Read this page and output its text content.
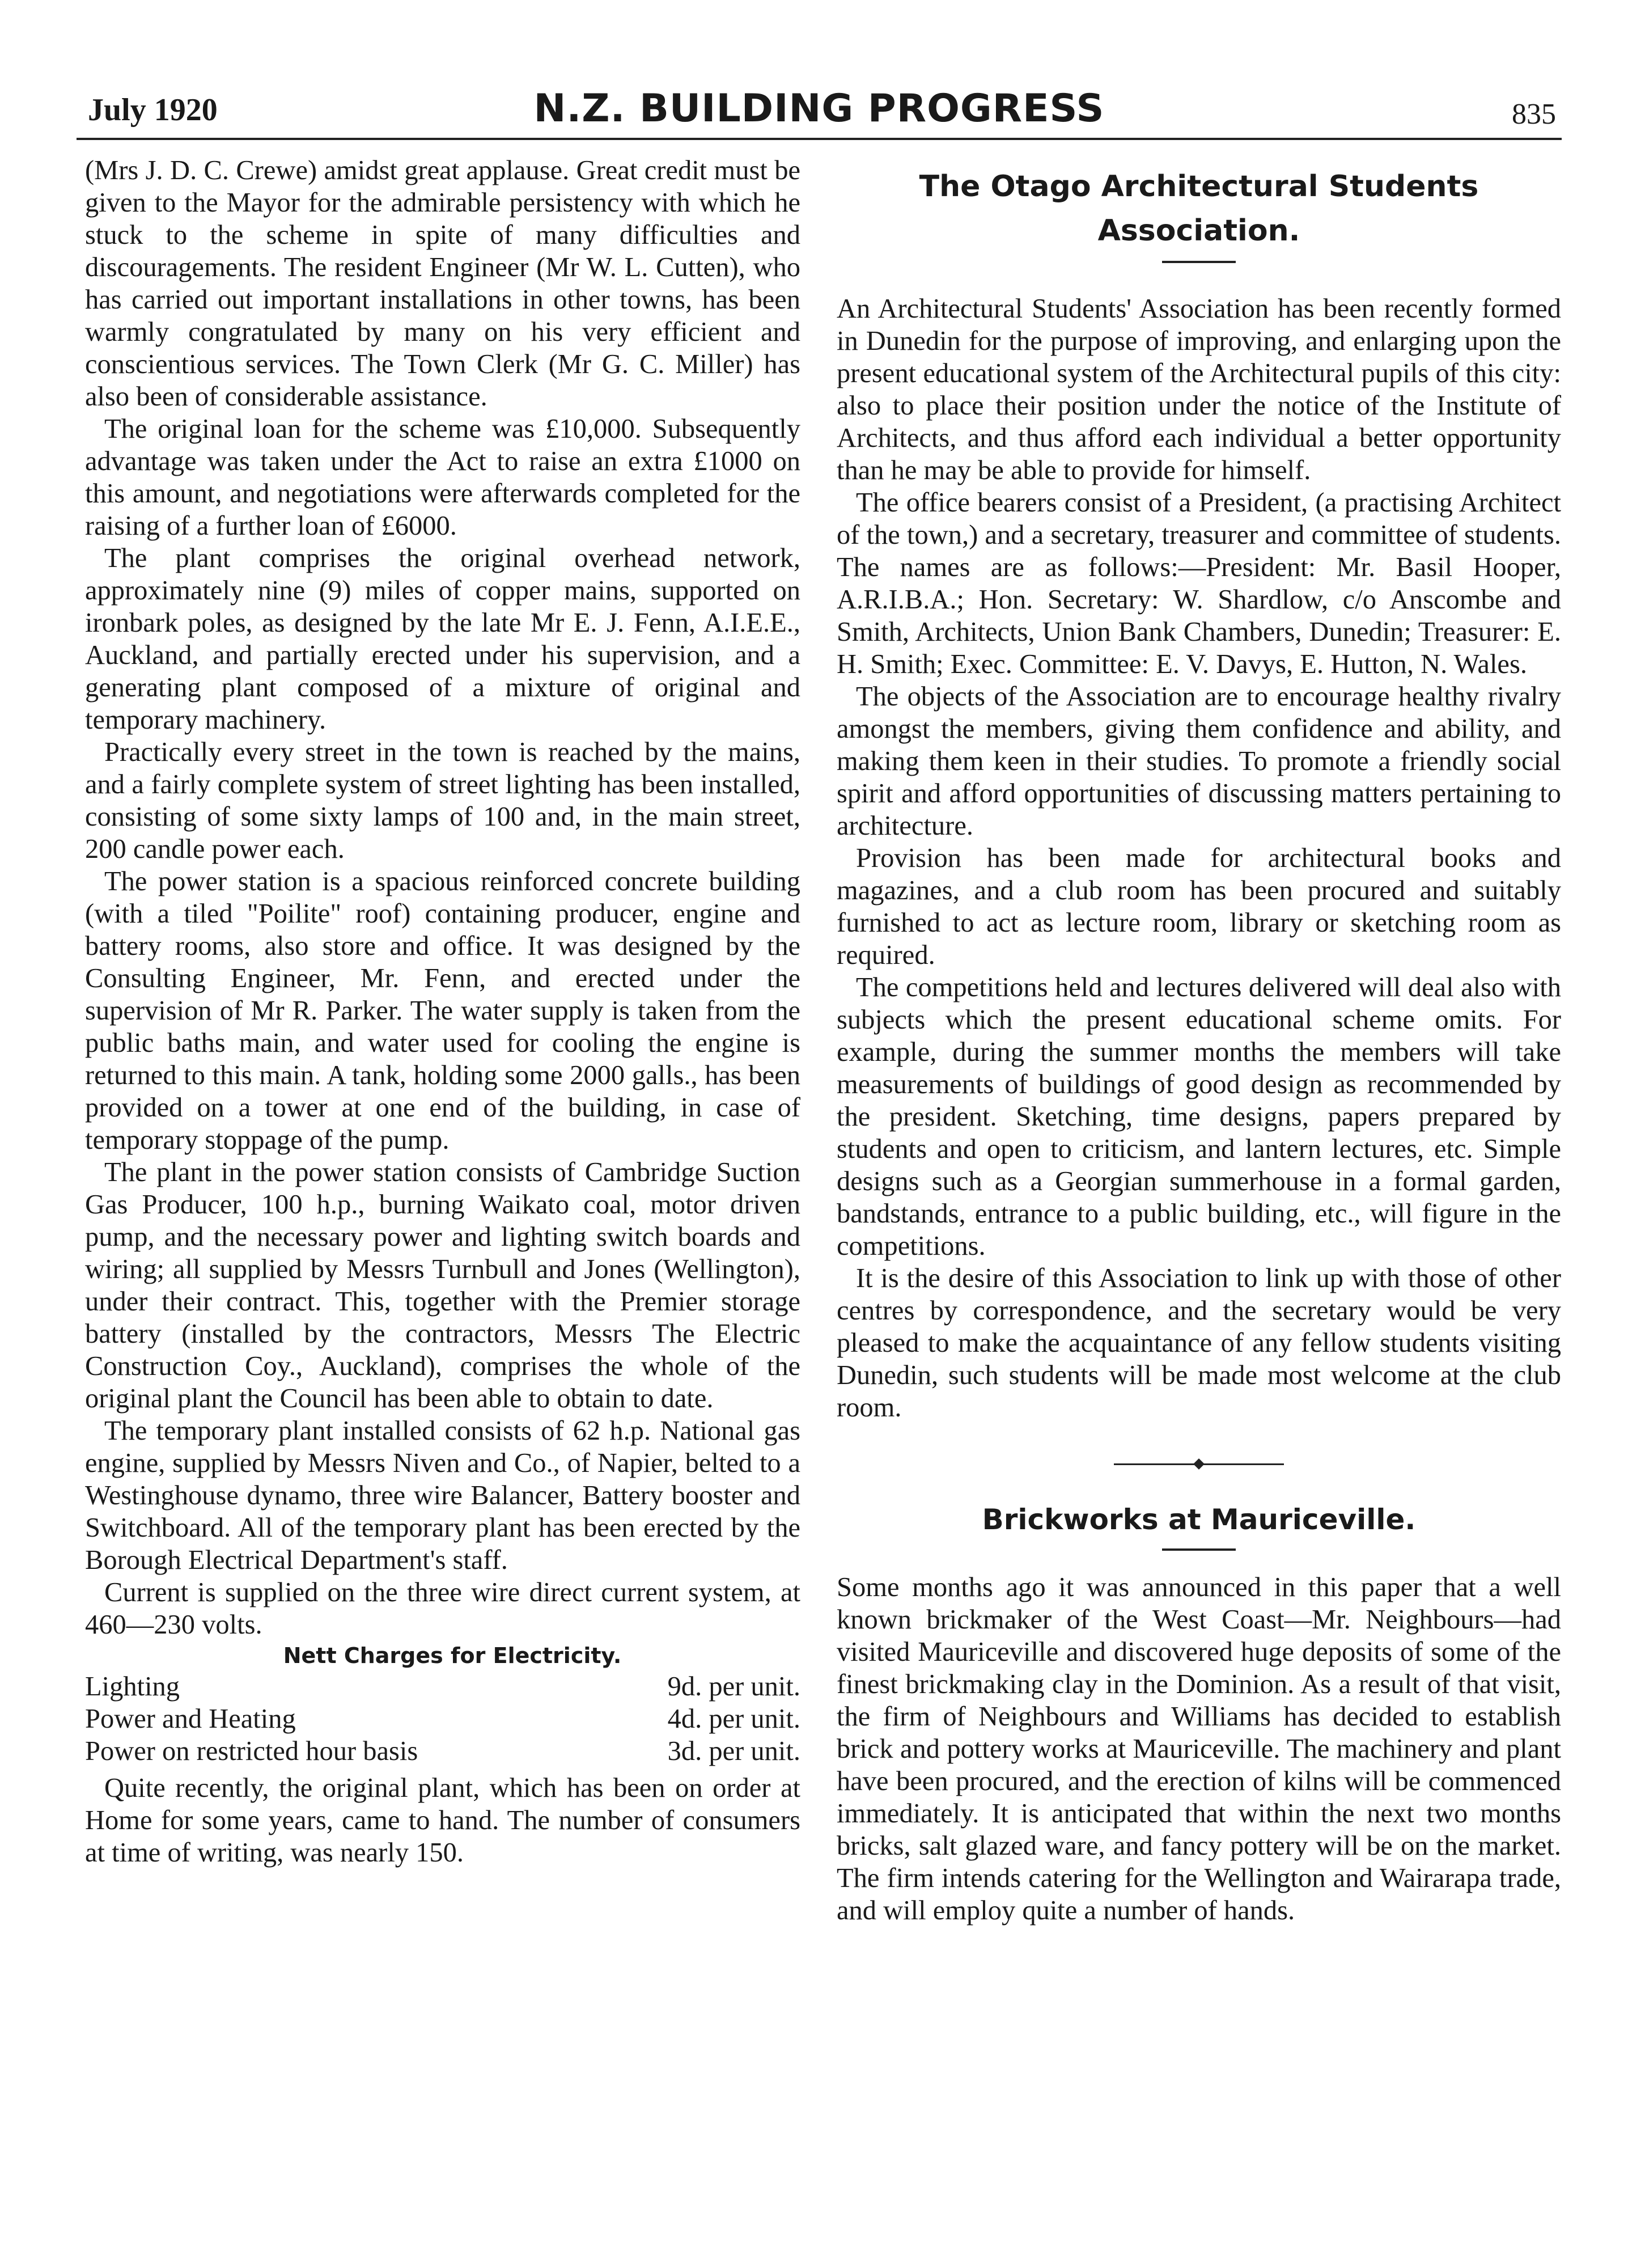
July 1920	N.Z. BUILDING PROGRESS	835

(Mrs J. D. C. Crewe) amidst great applause. Great credit must be given to the Mayor for the admirable persistency with which he stuck to the scheme in spite of many difficulties and discouragements. The resident Engineer (Mr W. L. Cutten), who has carried out important installations in other towns, has been warmly congratulated by many on his very efficient and conscientious services. The Town Clerk (Mr G. C. Miller) has also been of considerable assistance.

The original loan for the scheme was £10,000. Subsequently advantage was taken under the Act to raise an extra £1000 on this amount, and negotiations were afterwards completed for the raising of a further loan of £6000.

The plant comprises the original overhead network, approximately nine (9) miles of copper mains, supported on ironbark poles, as designed by the late Mr E. J. Fenn, A.I.E.E., Auckland, and partially erected under his supervision, and a generating plant composed of a mixture of original and temporary machinery.

Practically every street in the town is reached by the mains, and a fairly complete system of street lighting has been installed, consisting of some sixty lamps of 100 and, in the main street, 200 candle power each.

The power station is a spacious reinforced concrete building (with a tiled "Poilite" roof) containing producer, engine and battery rooms, also store and office. It was designed by the Consulting Engineer, Mr. Fenn, and erected under the supervision of Mr R. Parker. The water supply is taken from the public baths main, and water used for cooling the engine is returned to this main. A tank, holding some 2000 galls., has been provided on a tower at one end of the building, in case of temporary stoppage of the pump.

The plant in the power station consists of Cambridge Suction Gas Producer, 100 h.p., burning Waikato coal, motor driven pump, and the necessary power and lighting switch boards and wiring; all supplied by Messrs Turnbull and Jones (Wellington), under their contract. This, together with the Premier storage battery (installed by the contractors, Messrs The Electric Construction Coy., Auckland), comprises the whole of the original plant the Council has been able to obtain to date.

The temporary plant installed consists of 62 h.p. National gas engine, supplied by Messrs Niven and Co., of Napier, belted to a Westinghouse dynamo, three wire Balancer, Battery booster and Switchboard. All of the temporary plant has been erected by the Borough Electrical Department's staff.

Current is supplied on the three wire direct current system, at 460—230 volts.

Nett Charges for Electricity.

Lighting	9d. per unit.
Power and Heating	4d. per unit.
Power on restricted hour basis	3d. per unit.

Quite recently, the original plant, which has been on order at Home for some years, came to hand. The number of consumers at time of writing, was nearly 150.

The Otago Architectural Students Association.

An Architectural Students' Association has been recently formed in Dunedin for the purpose of improving, and enlarging upon the present educational system of the Architectural pupils of this city: also to place their position under the notice of the Institute of Architects, and thus afford each individual a better opportunity than he may be able to provide for himself.

The office bearers consist of a President, (a practising Architect of the town,) and a secretary, treasurer and committee of students. The names are as follows:—President: Mr. Basil Hooper, A.R.I.B.A.; Hon. Secretary: W. Shardlow, c/o Anscombe and Smith, Architects, Union Bank Chambers, Dunedin; Treasurer: E. H. Smith; Exec. Committee: E. V. Davys, E. Hutton, N. Wales.

The objects of the Association are to encourage healthy rivalry amongst the members, giving them confidence and ability, and making them keen in their studies. To promote a friendly social spirit and afford opportunities of discussing matters pertaining to architecture.

Provision has been made for architectural books and magazines, and a club room has been procured and suitably furnished to act as lecture room, library or sketching room as required.

The competitions held and lectures delivered will deal also with subjects which the present educational scheme omits. For example, during the summer months the members will take measurements of buildings of good design as recommended by the president. Sketching, time designs, papers prepared by students and open to criticism, and lantern lectures, etc. Simple designs such as a Georgian summerhouse in a formal garden, bandstands, entrance to a public building, etc., will figure in the competitions.

It is the desire of this Association to link up with those of other centres by correspondence, and the secretary would be very pleased to make the acquaintance of any fellow students visiting Dunedin, such students will be made most welcome at the club room.

Brickworks at Mauriceville.

Some months ago it was announced in this paper that a well known brickmaker of the West Coast—Mr. Neighbours—had visited Mauriceville and discovered huge deposits of some of the finest brickmaking clay in the Dominion. As a result of that visit, the firm of Neighbours and Williams has decided to establish brick and pottery works at Mauriceville. The machinery and plant have been procured, and the erection of kilns will be commenced immediately. It is anticipated that within the next two months bricks, salt glazed ware, and fancy pottery will be on the market. The firm intends catering for the Wellington and Wairarapa trade, and will employ quite a number of hands.
